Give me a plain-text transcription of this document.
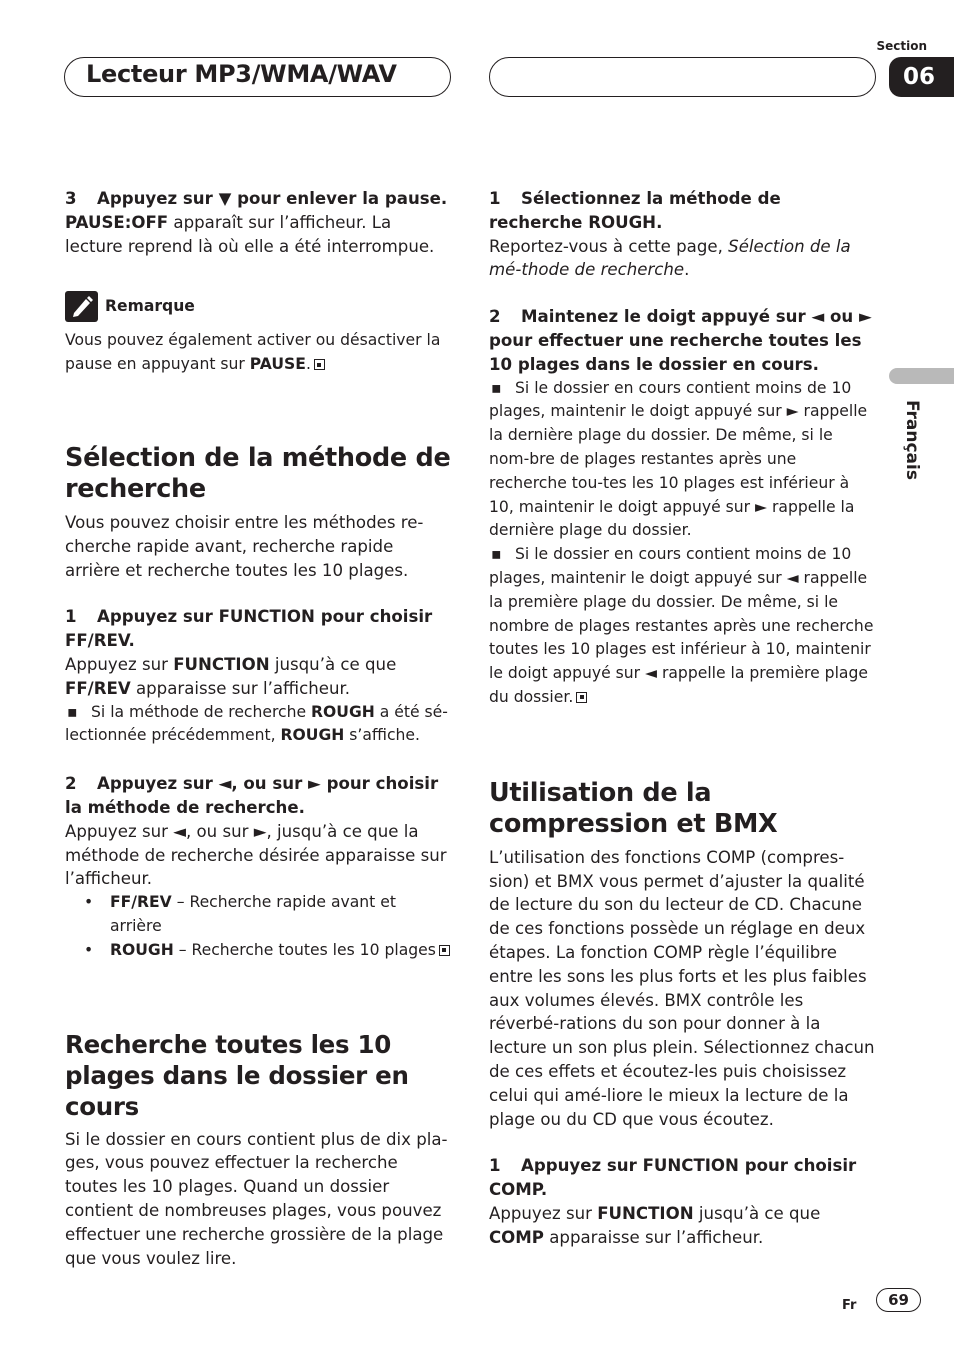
Lecteur MP3/WMA/WAV
Section
06
Français

3 Appuyez sur ▼ pour enlever la pause.

PAUSE:OFF apparaît sur l’afficheur. La lecture reprend là où elle a été interrompue.

Remarque

Vous pouvez également activer ou désactiver la pause en appuyant sur PAUSE.

Sélection de la méthode de recherche

Vous pouvez choisir entre les méthodes re-cherche rapide avant, recherche rapide arrière et recherche toutes les 10 plages.

1 Appuyez sur FUNCTION pour choisir FF/REV.

Appuyez sur FUNCTION jusqu’à ce que FF/REV apparaisse sur l’afficheur.

▪ Si la méthode de recherche ROUGH a été sé-lectionnée précédemment, ROUGH s’affiche.

2 Appuyez sur ◄, ou sur ► pour choisir la méthode de recherche.

Appuyez sur ◄, ou sur ►, jusqu’à ce que la méthode de recherche désirée apparaisse sur l’afficheur.

• FF/REV – Recherche rapide avant et arrière

• ROUGH – Recherche toutes les 10 plages

Recherche toutes les 10 plages dans le dossier en cours

Si le dossier en cours contient plus de dix pla-ges, vous pouvez effectuer la recherche toutes les 10 plages. Quand un dossier contient de nombreuses plages, vous pouvez effectuer une recherche grossière de la plage que vous voulez lire.

1 Sélectionnez la méthode de recherche ROUGH.

Reportez-vous à cette page, Sélection de la mé-thode de recherche.

2 Maintenez le doigt appuyé sur ◄ ou ► pour effectuer une recherche toutes les 10 plages dans le dossier en cours.

▪ Si le dossier en cours contient moins de 10 plages, maintenir le doigt appuyé sur ► rappelle la dernière plage du dossier. De même, si le nom-bre de plages restantes après une recherche tou-tes les 10 plages est inférieur à 10, maintenir le doigt appuyé sur ► rappelle la dernière plage du dossier.

▪ Si le dossier en cours contient moins de 10 plages, maintenir le doigt appuyé sur ◄ rappelle la première plage du dossier. De même, si le nombre de plages restantes après une recherche toutes les 10 plages est inférieur à 10, maintenir le doigt appuyé sur ◄ rappelle la première plage du dossier.

Utilisation de la compression et BMX

L’utilisation des fonctions COMP (compres-sion) et BMX vous permet d’ajuster la qualité de lecture du son du lecteur de CD. Chacune de ces fonctions possède un réglage en deux étapes. La fonction COMP règle l’équilibre entre les sons les plus forts et les plus faibles aux volumes élevés. BMX contrôle les réverbé-rations du son pour donner à la lecture un son plus plein. Sélectionnez chacun de ces effets et écoutez-les puis choisissez celui qui amé-liore le mieux la lecture de la plage ou du CD que vous écoutez.

1 Appuyez sur FUNCTION pour choisir COMP.

Appuyez sur FUNCTION jusqu’à ce que COMP apparaisse sur l’afficheur.

Fr	69
